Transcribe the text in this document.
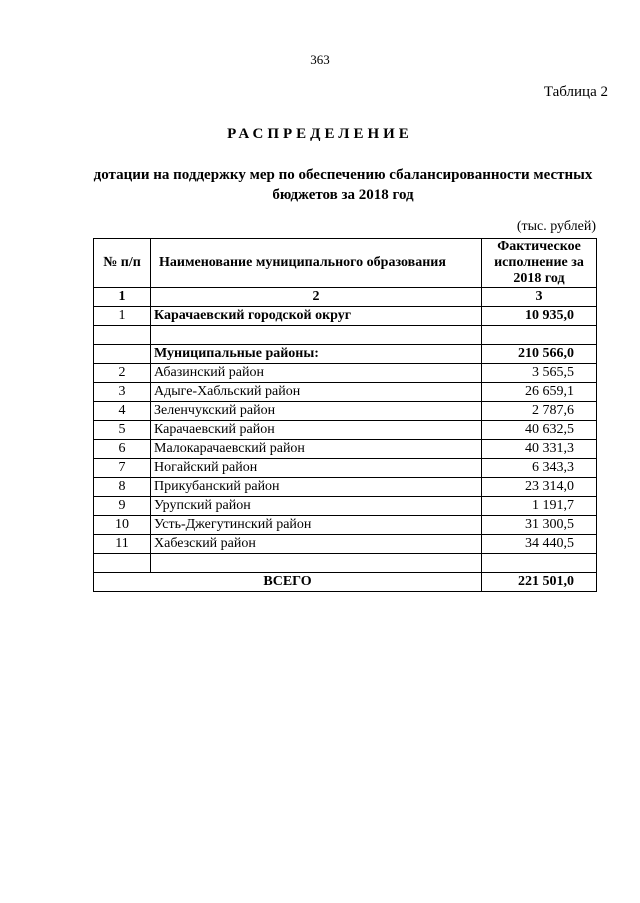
363
Таблица 2
РАСПРЕДЕЛЕНИЕ
дотации на поддержку мер по обеспечению сбалансированности местных бюджетов за 2018 год
(тыс. рублей)
№ п/п	Наименование муниципального образования	Фактическое исполнение за 2018 год
1	2	3
1	Карачаевский городской округ	10 935,0

	Муниципальные районы:	210 566,0
2	Абазинский район	3 565,5
3	Адыге-Хабльский район	26 659,1
4	Зеленчукский район	2 787,6
5	Карачаевский район	40 632,5
6	Малокарачаевский район	40 331,3
7	Ногайский район	6 343,3
8	Прикубанский район	23 314,0
9	Урупский район	1 191,7
10	Усть-Джегутинский район	31 300,5
11	Хабезский район	34 440,5

ВСЕГО		221 501,0
